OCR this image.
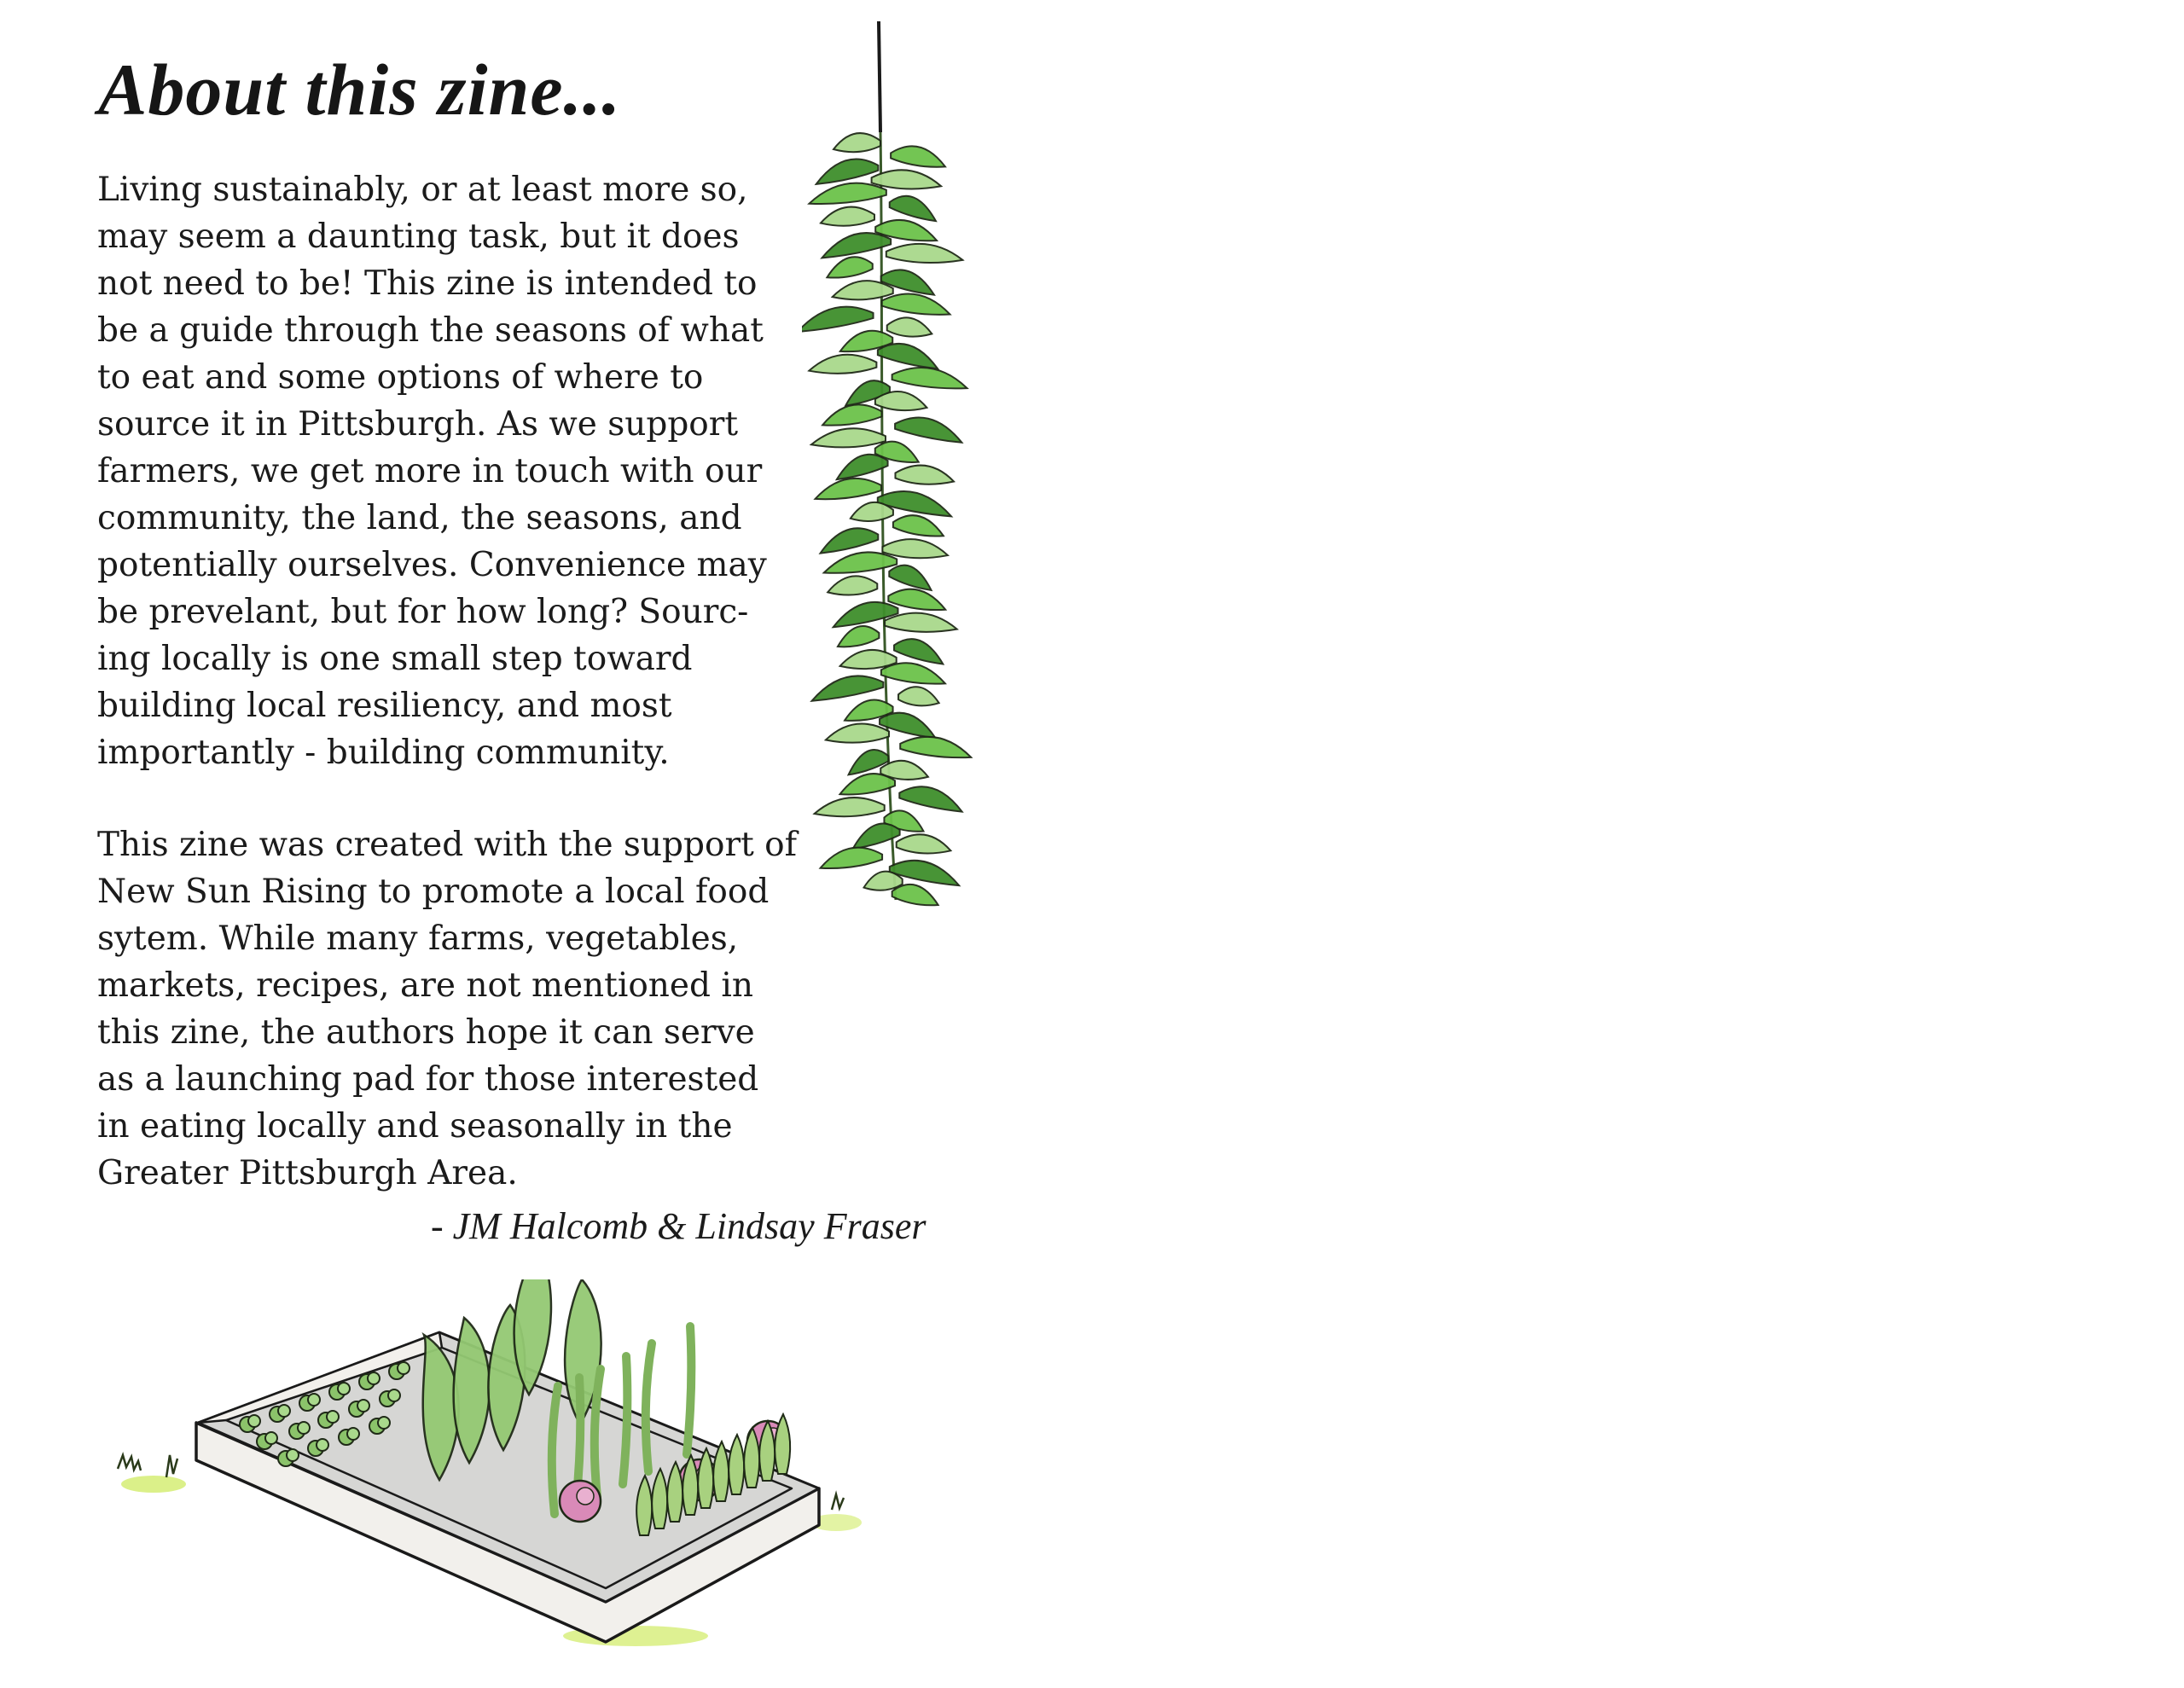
About this zine...
Living sustainably, or at least more so,
may seem a daunting task, but it does
not need to be! This zine is intended to
be a guide through the seasons of what
to eat and some options of where to
source it in Pittsburgh. As we support
farmers, we get more in touch with our
community, the land, the seasons, and
potentially ourselves. Convenience may
be prevelant, but for how long? Sourc-
ing locally is one small step toward
building local resiliency, and most
importantly - building community.
This zine was created with the support of
New Sun Rising to promote a local food
sytem. While many farms, vegetables,
markets, recipes, are not mentioned in
this zine, the authors hope it can serve
as a launching pad for those interested
in eating locally and seasonally in the
Greater Pittsburgh Area.
- JM Halcomb & Lindsay Fraser
